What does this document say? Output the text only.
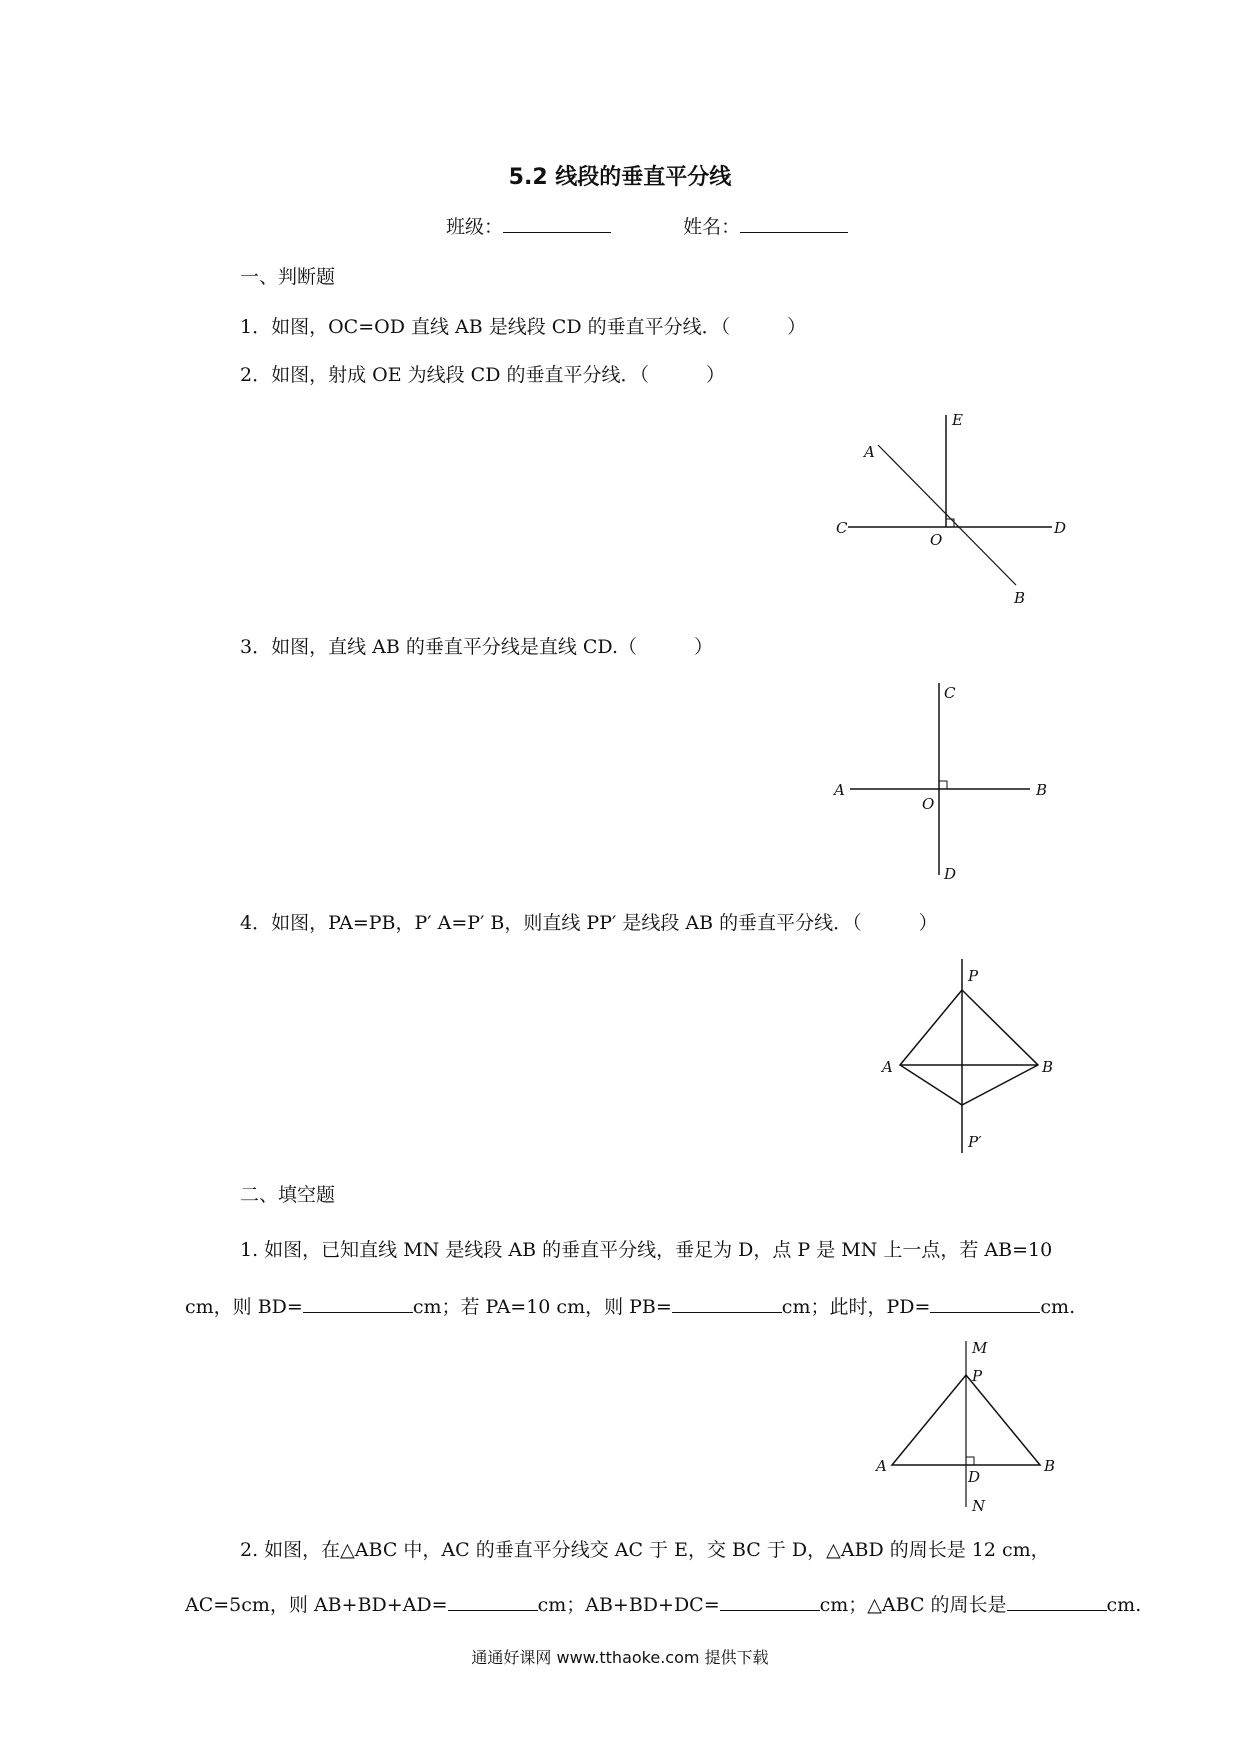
5.2 线段的垂直平分线
班级：	姓名：
一、判断题
1．如图，OC=OD 直线 AB 是线段 CD 的垂直平分线．（　　　）
2．如图，射成 OE 为线段 CD 的垂直平分线．（　　　）
E
A
C
O
D
B
3．如图，直线 AB 的垂直平分线是直线 CD.（　　　）
C
A
O
B
D
4．如图，PA=PB，P′ A=P′ B，则直线 PP′ 是线段 AB 的垂直平分线．（　　　）
P
A	B
P′
二、填空题
1. 如图，已知直线 MN 是线段 AB 的垂直平分线，垂足为 D，点 P 是 MN 上一点，若 AB=10
cm，则 BD=	cm；若 PA=10 cm，则 PB=	cm；此时，PD=	cm.
M
P
A
D
B
N
2. 如图，在△ABC 中，AC 的垂直平分线交 AC 于 E，交 BC 于 D，△ABD 的周长是 12 cm，
AC=5cm，则 AB+BD+AD=	cm；AB+BD+DC=	cm；△ABC 的周长是	cm.
通通好课网 www.tthaoke.com 提供下载
